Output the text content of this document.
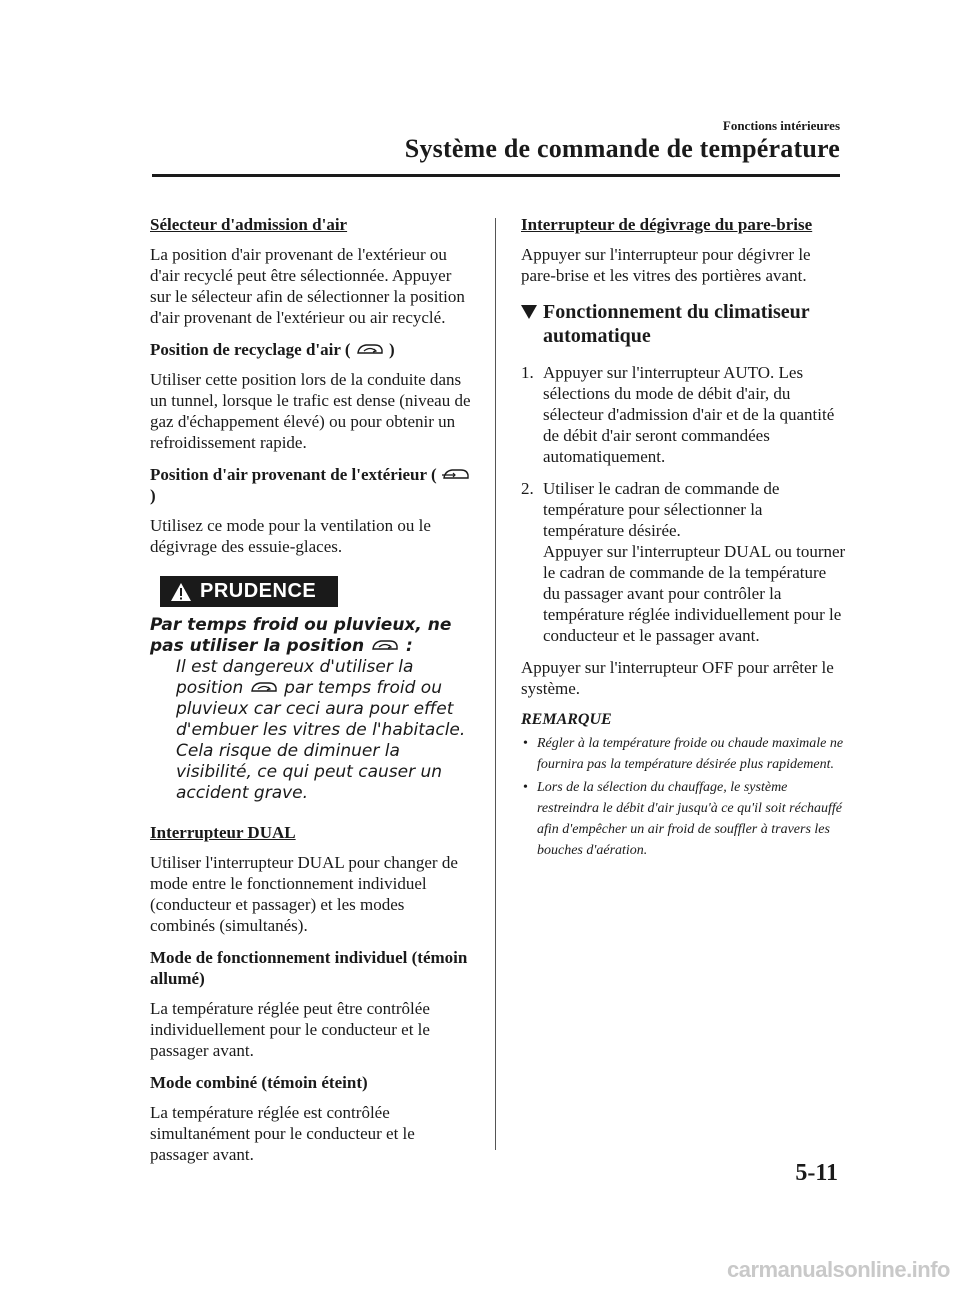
Fonctions intérieures
Système de commande de température
Sélecteur d'admission d'air

La position d'air provenant de l'extérieur ou d'air recyclé peut être sélectionnée. Appuyer sur le sélecteur afin de sélectionner la position d'air provenant de l'extérieur ou air recyclé.

Position de recyclage d'air ( )

Utiliser cette position lors de la conduite dans un tunnel, lorsque le trafic est dense (niveau de gaz d'échappement élevé) ou pour obtenir un refroidissement rapide.

Position d'air provenant de l'extérieur (  )

Utilisez ce mode pour la ventilation ou le dégivrage des essuie-glaces.

PRUDENCE

Par temps froid ou pluvieux, ne pas utiliser la position :

Il est dangereux d'utiliser la position par temps froid ou pluvieux car ceci aura pour effet d'embuer les vitres de l'habitacle. Cela risque de diminuer la visibilité, ce qui peut causer un accident grave.

Interrupteur DUAL

Utiliser l'interrupteur DUAL pour changer de mode entre le fonctionnement individuel (conducteur et passager) et les modes combinés (simultanés).

Mode de fonctionnement individuel (témoin allumé)

La température réglée peut être contrôlée individuellement pour le conducteur et le passager avant.

Mode combiné (témoin éteint)

La température réglée est contrôlée simultanément pour le conducteur et le passager avant.

Interrupteur de dégivrage du pare-brise

Appuyer sur l'interrupteur pour dégivrer le pare-brise et les vitres des portières avant.

Fonctionnement du climatiseur automatique
1. Appuyer sur l'interrupteur AUTO. Les sélections du mode de débit d'air, du sélecteur d'admission d'air et de la quantité de débit d'air seront commandées automatiquement.
2. Utiliser le cadran de commande de température pour sélectionner la température désirée.
Appuyer sur l'interrupteur DUAL ou tourner le cadran de commande de la température du passager avant pour contrôler la température réglée individuellement pour le conducteur et le passager avant.

Appuyer sur l'interrupteur OFF pour arrêter le système.

REMARQUE
• Régler à la température froide ou chaude maximale ne fournira pas la température désirée plus rapidement.
• Lors de la sélection du chauffage, le système restreindra le débit d'air jusqu'à ce qu'il soit réchauffé afin d'empêcher un air froid de souffler à travers les bouches d'aération.
5-11
carmanualsonline.info
